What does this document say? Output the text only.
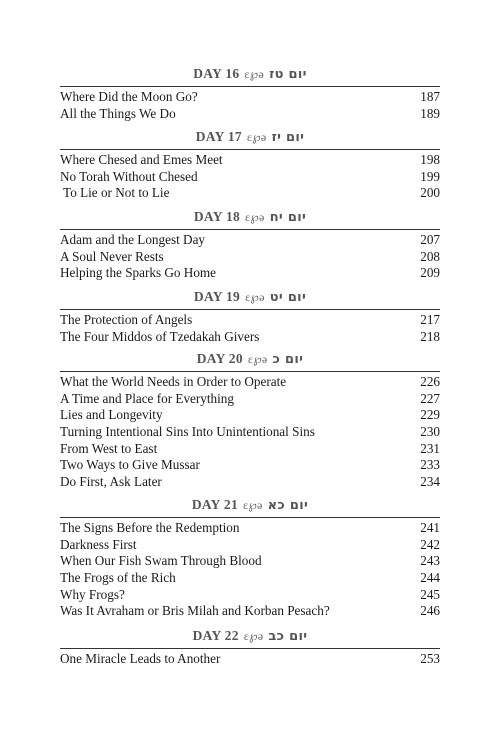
DAY 16 ε℘ə יום טז
Where Did the Moon Go?	187
All the Things We Do	189
DAY 17 ε℘ə יום יז
Where Chesed and Emes Meet	198
No Torah Without Chesed	199
To Lie or Not to Lie	200
DAY 18 ε℘ə יום יח
Adam and the Longest Day	207
A Soul Never Rests	208
Helping the Sparks Go Home	209
DAY 19 ε℘ə יום יט
The Protection of Angels	217
The Four Middos of Tzedakah Givers	218
DAY 20 ε℘ə יום כ
What the World Needs in Order to Operate	226
A Time and Place for Everything	227
Lies and Longevity	229
Turning Intentional Sins Into Unintentional Sins	230
From West to East	231
Two Ways to Give Mussar	233
Do First, Ask Later	234
DAY 21 ε℘ə יום כא
The Signs Before the Redemption	241
Darkness First	242
When Our Fish Swam Through Blood	243
The Frogs of the Rich	244
Why Frogs?	245
Was It Avraham or Bris Milah and Korban Pesach?	246
DAY 22 ε℘ə יום כב
One Miracle Leads to Another	253
